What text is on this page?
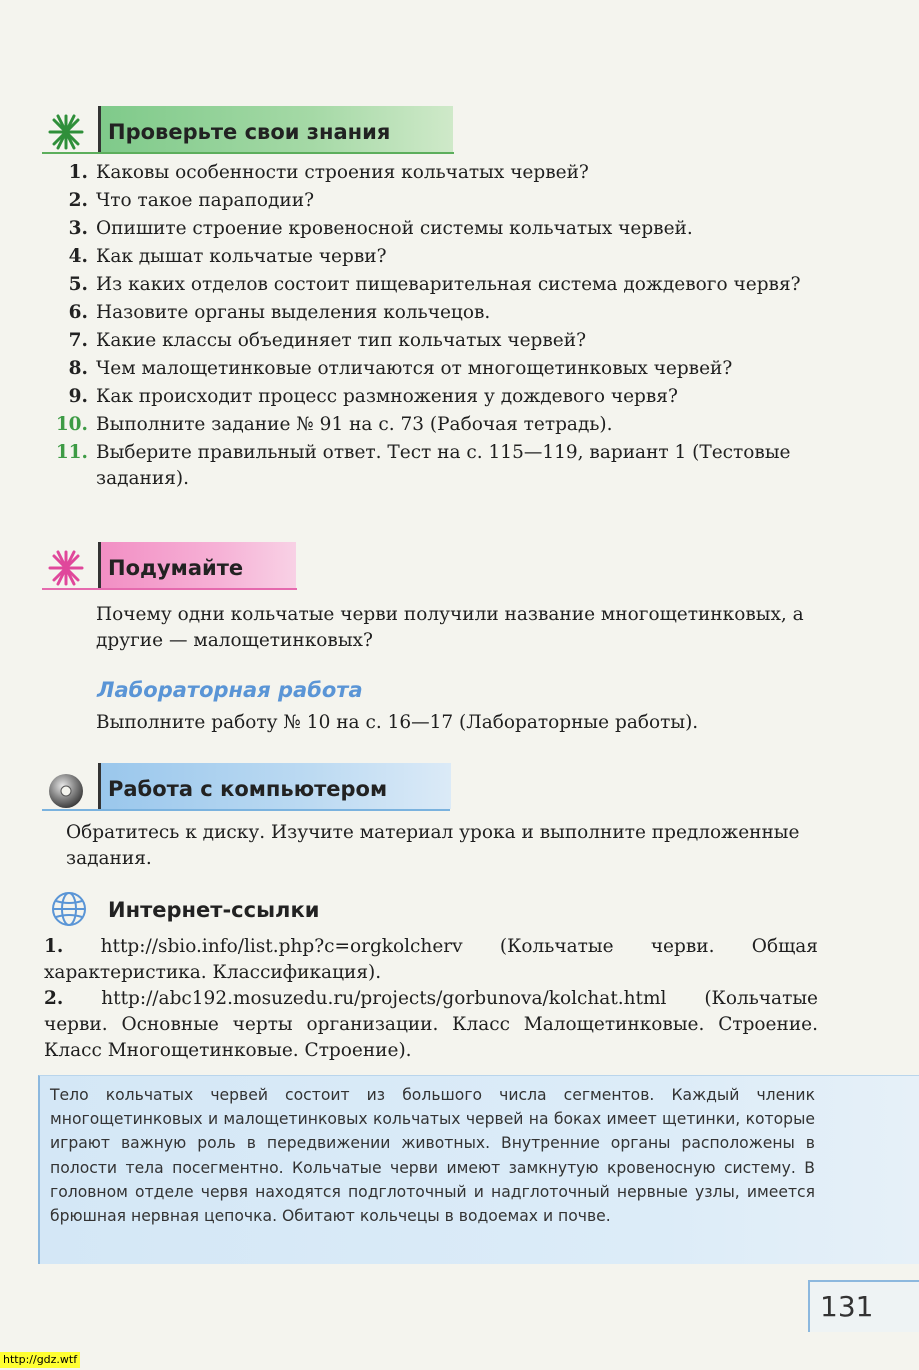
Проверьте свои знания
1. Каковы особенности строения кольчатых червей?
2. Что такое параподии?
3. Опишите строение кровеносной системы кольчатых червей.
4. Как дышат кольчатые черви?
5. Из каких отделов состоит пищеварительная система дождевого червя?
6. Назовите органы выделения кольчецов.
7. Какие классы объединяет тип кольчатых червей?
8. Чем малощетинковые отличаются от многощетинковых червей?
9. Как происходит процесс размножения у дождевого червя?
10. Выполните задание № 91 на с. 73 (Рабочая тетрадь).
11. Выберите правильный ответ. Тест на с. 115—119, вариант 1 (Тестовые задания).
Подумайте
Почему одни кольчатые черви получили название многощетинковых, а другие — малощетинковых?
Лабораторная работа
Выполните работу № 10 на с. 16—17 (Лабораторные работы).
Работа с компьютером
Обратитесь к диску. Изучите материал урока и выполните предложенные задания.
Интернет-ссылки
1. http://sbio.info/list.php?c=orgkolcherv (Кольчатые черви. Общая характеристика. Классификация).
2. http://abc192.mosuzedu.ru/projects/gorbunova/kolchat.html (Кольчатые черви. Основные черты организации. Класс Малощетинковые. Строение. Класс Многощетинковые. Строение).
Тело кольчатых червей состоит из большого числа сегментов. Каждый членик многощетинковых и малощетинковых кольчатых червей на боках имеет щетинки, которые играют важную роль в передвижении животных. Внутренние органы расположены в полости тела посегментно. Кольчатые черви имеют замкнутую кровеносную систему. В головном отделе червя находятся подглоточный и надглоточный нервные узлы, имеется брюшная нервная цепочка. Обитают кольчецы в водоемах и почве.
131
http://gdz.wtf
